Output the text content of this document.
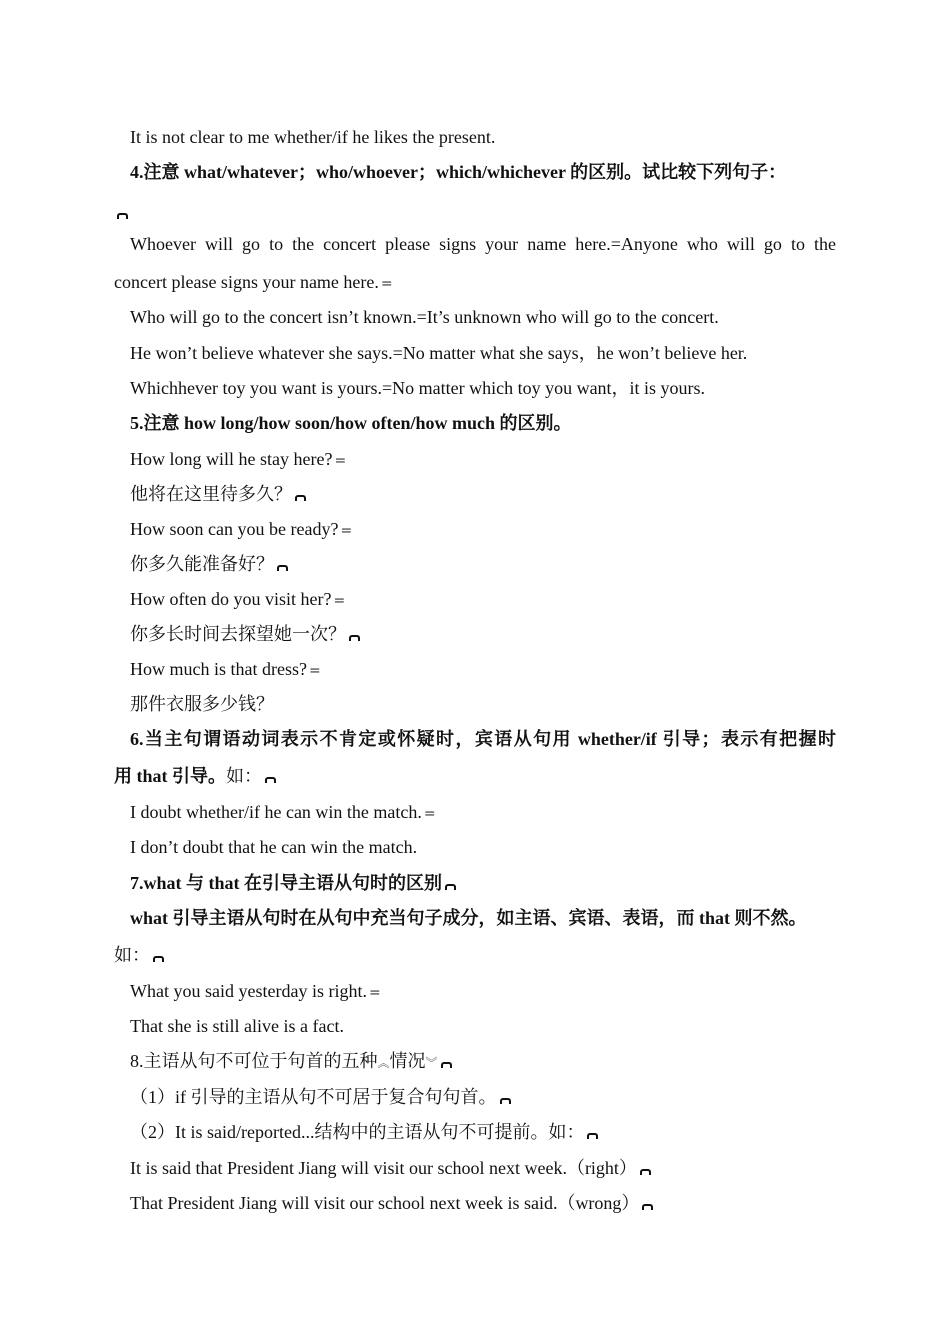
It is not clear to me whether/if he likes the present.
4.注意 what/whatever；who/whoever；which/whichever 的区别。试比较下列句子：
Whoever will go to the concert please signs your name here.=Anyone who will go to the
concert please signs your name here. =
Who will go to the concert isn’t known.=It’s unknown who will go to the concert.
He won’t believe whatever she says.=No matter what she says，he won’t believe her.
Whichhever toy you want is yours.=No matter which toy you want，it is yours.
5.注意 how long/how soon/how often/how much 的区别。
How long will he stay here? =
他将在这里待多久？
How soon can you be ready? =
你多久能准备好？
How often do you visit her? =
你多长时间去探望她一次？
How much is that dress? =
那件衣服多少钱？
6.当主句谓语动词表示不肯定或怀疑时，宾语从句用 whether/if 引导；表示有把握时
用 that 引导。如：
I doubt whether/if he can win the match. =
I don’t doubt that he can win the match.
7.what 与 that 在引导主语从句时的区别
what 引导主语从句时在从句中充当句子成分，如主语、宾语、表语，而 that 则不然。
如：
What you said yesterday is right. =
That she is still alive is a fact.
8.主语从句不可位于句首的五种︽情况︾
（1）if 引导的主语从句不可居于复合句句首。
（2）It is said/reported...结构中的主语从句不可提前。如：
It is said that President Jiang will visit our school next week.（right）
That President Jiang will visit our school next week is said.（wrong）
